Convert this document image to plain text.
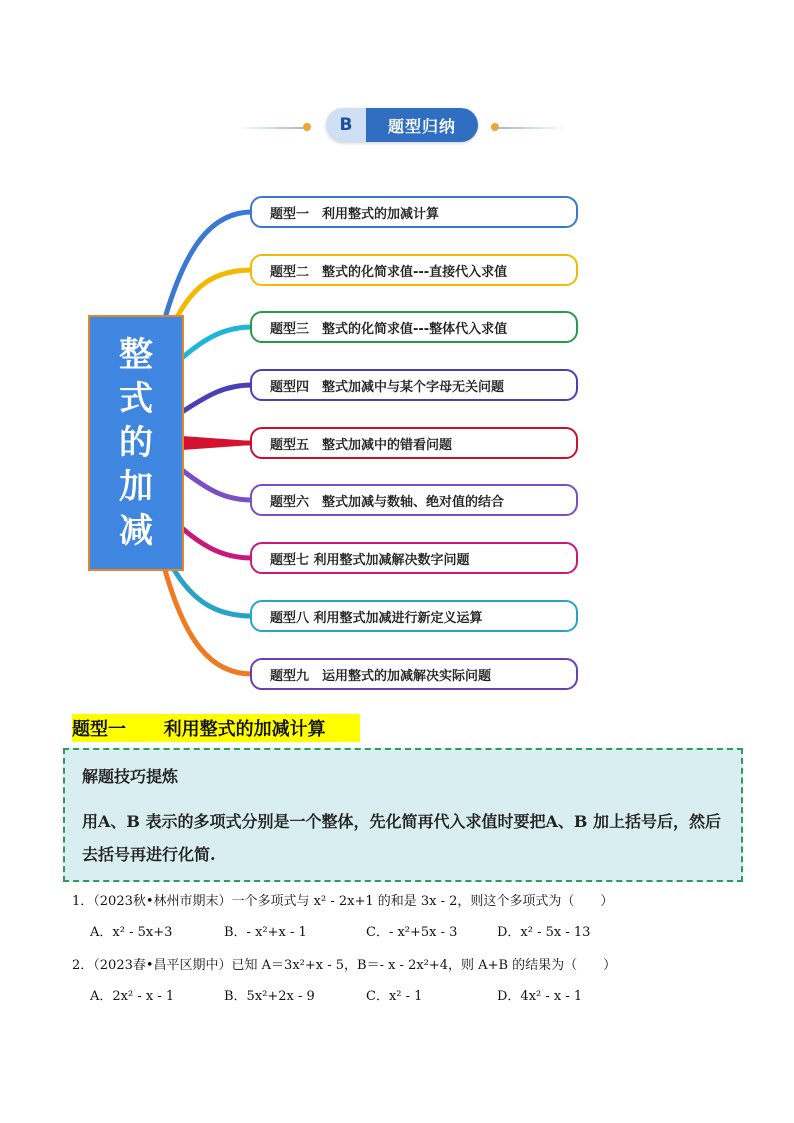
B	题型归纳
整
式
的
加
减
题型一　利用整式的加减计算
题型二　整式的化简求值---直接代入求值
题型三　整式的化简求值---整体代入求值
题型四　整式加减中与某个字母无关问题
题型五　整式加减中的错看问题
题型六　整式加减与数轴、绝对值的结合
题型七 利用整式加减解决数字问题
题型八 利用整式加减进行新定义运算
题型九　运用整式的加减解决实际问题
题型一
利用整式的加减计算
解题技巧提炼
用A、B 表示的多项式分别是一个整体，先化简再代入求值时要把A、B 加上括号后，然后去括号再进行化简.
1．（2023秋•林州市期末）一个多项式与 x² - 2x+1 的和是 3x - 2，则这个多项式为（　　）
A．x² - 5x+3	B．- x²+x - 1	C．- x²+5x - 3	D．x² - 5x - 13
2．（2023春•昌平区期中）已知 A＝3x²+x - 5，B＝- x - 2x²+4，则 A+B 的结果为（　　）
A．2x² - x - 1	B．5x²+2x - 9	C．x² - 1	D．4x² - x - 1
